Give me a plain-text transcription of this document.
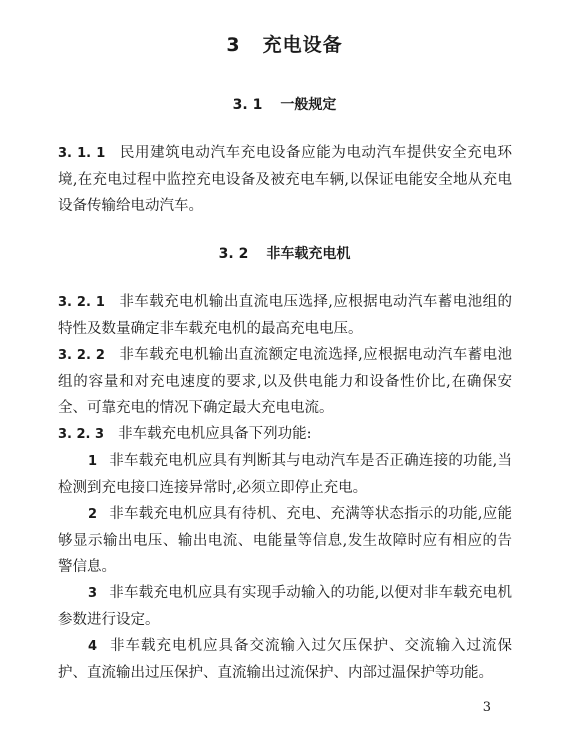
3 充电设备
3. 1 一般规定

3. 1. 1 民用建筑电动汽车充电设备应能为电动汽车提供安全充电环境,在充电过程中监控充电设备及被充电车辆,以保证电能安全地从充电设备传输给电动汽车。

3. 2 非车载充电机

3. 2. 1 非车载充电机输出直流电压选择,应根据电动汽车蓄电池组的特性及数量确定非车载充电机的最高充电电压。

3. 2. 2 非车载充电机输出直流额定电流选择,应根据电动汽车蓄电池组的容量和对充电速度的要求,以及供电能力和设备性价比,在确保安全、可靠充电的情况下确定最大充电电流。

3. 2. 3 非车载充电机应具备下列功能:

1 非车载充电机应具有判断其与电动汽车是否正确连接的功能,当检测到充电接口连接异常时,必须立即停止充电。

2 非车载充电机应具有待机、充电、充满等状态指示的功能,应能够显示输出电压、输出电流、电能量等信息,发生故障时应有相应的告警信息。

3 非车载充电机应具有实现手动输入的功能,以便对非车载充电机参数进行设定。

4 非车载充电机应具备交流输入过欠压保护、交流输入过流保护、直流输出过压保护、直流输出过流保护、内部过温保护等功能。

3
